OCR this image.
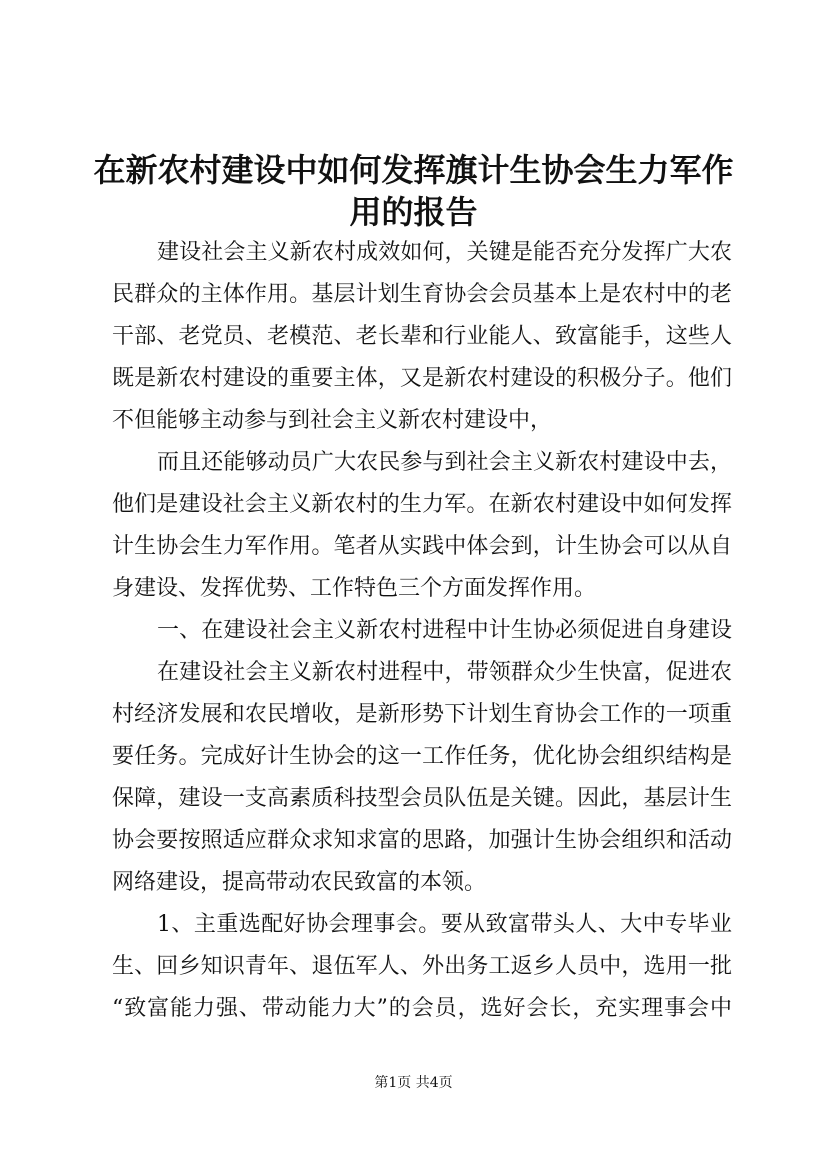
在新农村建设中如何发挥旗计生协会生力军作
用的报告
建设社会主义新农村成效如何，关键是能否充分发挥广大农
民群众的主体作用。基层计划生育协会会员基本上是农村中的老
干部、老党员、老模范、老长辈和行业能人、致富能手，这些人
既是新农村建设的重要主体，又是新农村建设的积极分子。他们
不但能够主动参与到社会主义新农村建设中，
而且还能够动员广大农民参与到社会主义新农村建设中去，
他们是建设社会主义新农村的生力军。在新农村建设中如何发挥
计生协会生力军作用。笔者从实践中体会到，计生协会可以从自
身建设、发挥优势、工作特色三个方面发挥作用。
一、在建设社会主义新农村进程中计生协必须促进自身建设
在建设社会主义新农村进程中，带领群众少生快富，促进农
村经济发展和农民增收，是新形势下计划生育协会工作的一项重
要任务。完成好计生协会的这一工作任务，优化协会组织结构是
保障，建设一支高素质科技型会员队伍是关键。因此，基层计生
协会要按照适应群众求知求富的思路，加强计生协会组织和活动
网络建设，提高带动农民致富的本领。
1、主重选配好协会理事会。要从致富带头人、大中专毕业
生、回乡知识青年、退伍军人、外出务工返乡人员中，选用一批
“致富能力强、带动能力大”的会员，选好会长，充实理事会中
第1页 共4页
